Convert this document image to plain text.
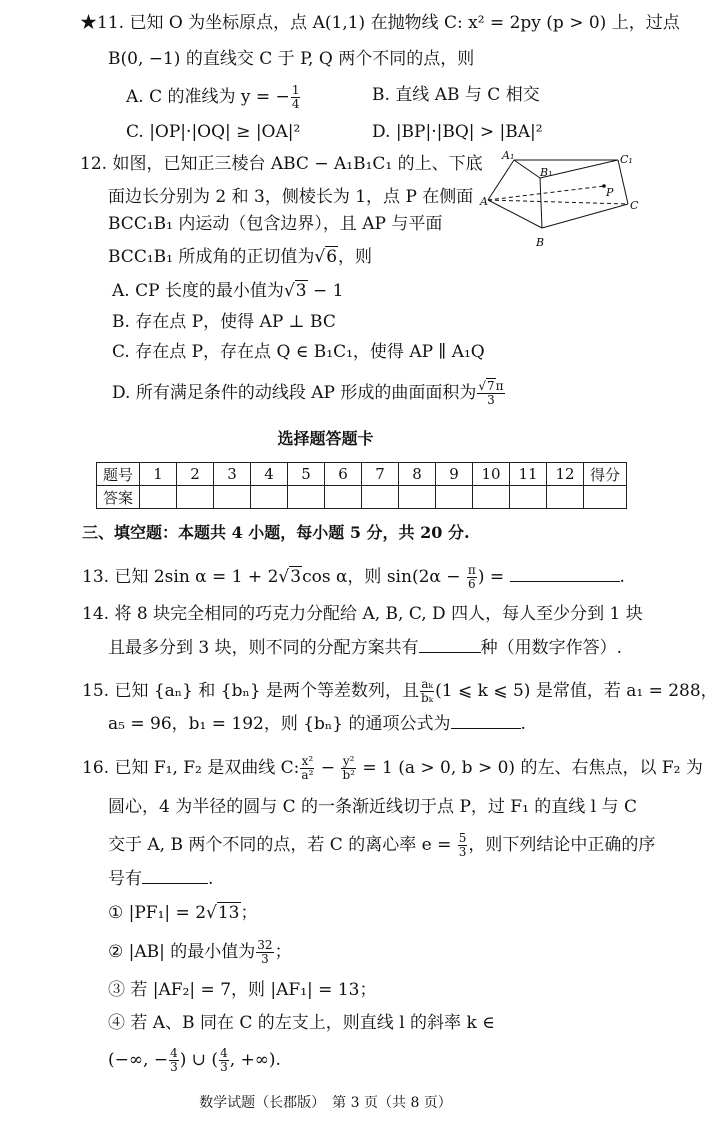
★11. 已知 O 为坐标原点，点 A(1,1) 在抛物线 C: x² = 2py (p > 0) 上，过点
B(0, −1) 的直线交 C 于 P, Q 两个不同的点，则
A. C 的准线为 y = − $\frac{1}{4}$	B. 直线 AB 与 C 相交
C. |OP|·|OQ| ≥ |OA|²	D. |BP|·|BQ| > |BA|²
12. 如图，已知正三棱台 ABC − A₁B₁C₁ 的上、下底
面边长分别为 2 和 3，侧棱长为 1，点 P 在侧面
BCC₁B₁ 内运动（包含边界），且 AP 与平面
BCC₁B₁ 所成角的正切值为√6，则
A. CP 长度的最小值为√3 − 1
B. 存在点 P，使得 AP ⊥ BC
C. 存在点 P，存在点 Q ∈ B₁C₁，使得 AP ∥ A₁Q
D. 所有满足条件的动线段 AP 形成的曲面面积为 $\frac{√7\pi}{3}$
A₁
B₁
C₁
A
B
C
P
选择题答题卡
题号	1	2	3	4	5	6	7	8	9	10	11	12	得分
答案													
三、填空题：本题共 4 小题，每小题 5 分，共 20 分.
13. 已知 2sin α = 1 + 2√3cos α，则 $\sin(2\alpha - \frac{\pi}{6}$ ) =	.
14. 将 8 块完全相同的巧克力分配给 A, B, C, D 四人，每人至少分到 1 块
且最多分到 3 块，则不同的分配方案共有	种（用数字作答）.
15. 已知 {aₙ} 和 {bₙ} 是两个等差数列，且 $\frac{\text{aₖ}}{\text{bₖ}} (1$ ⩽ k ⩽ 5) 是常值，若 a₁ = 288，
a₅ = 96，b₁ = 192，则 {bₙ} 的通项公式为	.
16. 已知 F₁, F₂ 是双曲线 C: $\frac{\text{x²}}{\text{a²}} - \frac{\text{y²}}{\text{b²}} = 1$ (a > 0, b > 0) 的左、右焦点，以 F₂ 为
圆心，4 为半径的圆与 C 的一条渐近线切于点 P，过 F₁ 的直线 l 与 C
交于 A, B 两个不同的点，若 C 的离心率 $e = \frac{5}{3}$ ，则下列结论中正确的序
号有	.
① |PF₁| = 2√13；
② |AB| 的最小值为 $\frac{32}{3}$ ；
③ 若 |AF₂| = 7，则 |AF₁| = 13；
④ 若 A、B 同在 C 的左支上，则直线 l 的斜率 k ∈
(−∞, − $\frac{4}{3}$ ) ∪ ( $\frac{4}{3}$ , +∞).
数学试题（长郡版）　第 3 页（共 8 页）
